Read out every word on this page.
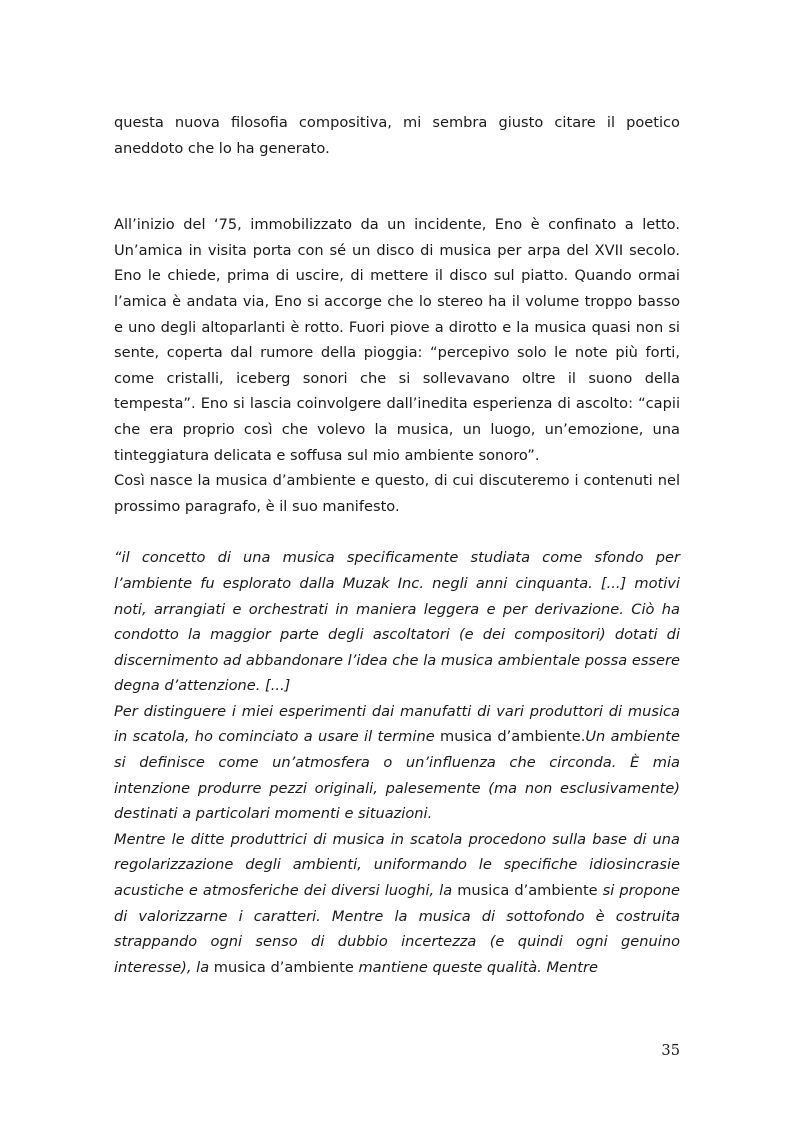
questa nuova filosofia compositiva, mi sembra giusto citare il poetico aneddoto che lo ha generato.

All’inizio del ‘75, immobilizzato da un incidente, Eno è confinato a letto. Un’amica in visita porta con sé un disco di musica per arpa del XVII secolo. Eno le chiede, prima di uscire, di mettere il disco sul piatto. Quando ormai l’amica è andata via, Eno si accorge che lo stereo ha il volume troppo basso e uno degli altoparlanti è rotto. Fuori piove a dirotto e la musica quasi non si sente, coperta dal rumore della pioggia: “percepivo solo le note più forti, come cristalli, iceberg sonori che si sollevavano oltre il suono della tempesta”. Eno si lascia coinvolgere dall’inedita esperienza di ascolto: “capii che era proprio così che volevo la musica, un luogo, un’emozione, una tinteggiatura delicata e soffusa sul mio ambiente sonoro”.

Così nasce la musica d’ambiente e questo, di cui discuteremo i contenuti nel prossimo paragrafo, è il suo manifesto.

“il concetto di una musica specificamente studiata come sfondo per l’ambiente fu esplorato dalla Muzak Inc. negli anni cinquanta. [...] motivi noti, arrangiati e orchestrati in maniera leggera e per derivazione. Ciò ha condotto la maggior parte degli ascoltatori (e dei compositori) dotati di discernimento ad abbandonare l’idea che la musica ambientale possa essere degna d’attenzione. [...]

Per distinguere i miei esperimenti dai manufatti di vari produttori di musica in scatola, ho cominciato a usare il termine musica d’ambiente.Un ambiente si definisce come un’atmosfera o un’influenza che circonda. È mia intenzione produrre pezzi originali, palesemente (ma non esclusivamente) destinati a particolari momenti e situazioni.

Mentre le ditte produttrici di musica in scatola procedono sulla base di una regolarizzazione degli ambienti, uniformando le specifiche idiosincrasie acustiche e atmosferiche dei diversi luoghi, la musica d’ambiente si propone di valorizzarne i caratteri. Mentre la musica di sottofondo è costruita strappando ogni senso di dubbio incertezza (e quindi ogni genuino interesse), la musica d’ambiente mantiene queste qualità. Mentre

35
